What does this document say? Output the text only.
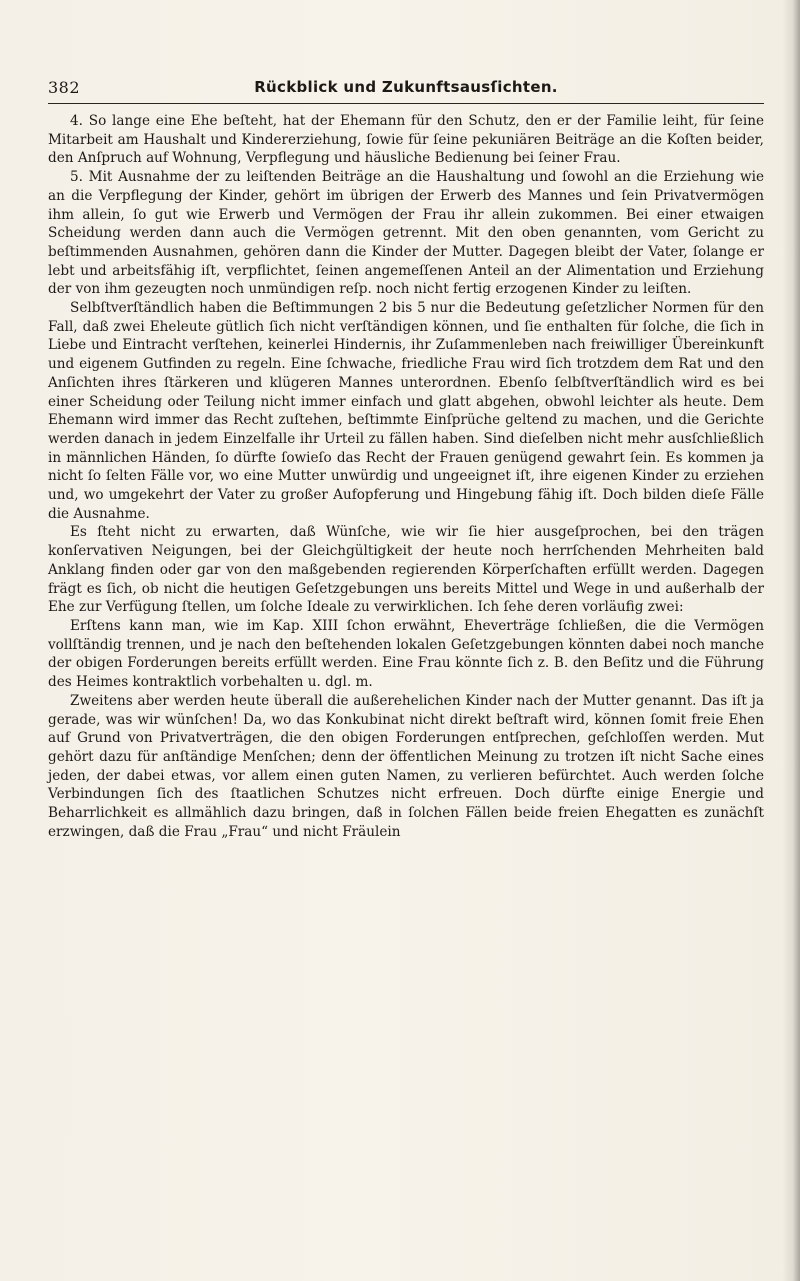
382	Rückblick und Zukunftsausſichten.

4. So lange eine Ehe beſteht, hat der Ehemann für den Schutz, den er der Familie leiht, für ſeine Mitarbeit am Haushalt und Kindererziehung, ſowie für ſeine pekuniären Beiträge an die Koſten beider, den Anſpruch auf Wohnung, Verpflegung und häusliche Bedienung bei ſeiner Frau.

5. Mit Ausnahme der zu leiſtenden Beiträge an die Haushaltung und ſowohl an die Erziehung wie an die Verpflegung der Kinder, gehört im übrigen der Erwerb des Mannes und ſein Privatvermögen ihm allein, ſo gut wie Erwerb und Vermögen der Frau ihr allein zukommen. Bei einer etwaigen Scheidung werden dann auch die Vermögen getrennt. Mit den oben genannten, vom Gericht zu beſtimmenden Ausnahmen, gehören dann die Kinder der Mutter. Dagegen bleibt der Vater, ſolange er lebt und arbeitsfähig iſt, verpflichtet, ſeinen angemeſſenen Anteil an der Alimentation und Erziehung der von ihm gezeugten noch unmündigen reſp. noch nicht fertig erzogenen Kinder zu leiſten.

Selbſtverſtändlich haben die Beſtimmungen 2 bis 5 nur die Bedeutung geſetzlicher Normen für den Fall, daß zwei Eheleute gütlich ſich nicht verſtändigen können, und ſie enthalten für ſolche, die ſich in Liebe und Eintracht verſtehen, keinerlei Hindernis, ihr Zuſammenleben nach freiwilliger Übereinkunft und eigenem Gutfinden zu regeln. Eine ſchwache, friedliche Frau wird ſich trotzdem dem Rat und den Anſichten ihres ſtärkeren und klügeren Mannes unterordnen. Ebenſo ſelbſtverſtändlich wird es bei einer Scheidung oder Teilung nicht immer einfach und glatt abgehen, obwohl leichter als heute. Dem Ehemann wird immer das Recht zuſtehen, beſtimmte Einſprüche geltend zu machen, und die Gerichte werden danach in jedem Einzelfalle ihr Urteil zu fällen haben. Sind dieſelben nicht mehr ausſchließlich in männlichen Händen, ſo dürfte ſowieſo das Recht der Frauen genügend gewahrt ſein. Es kommen ja nicht ſo ſelten Fälle vor, wo eine Mutter unwürdig und ungeeignet iſt, ihre eigenen Kinder zu erziehen und, wo umgekehrt der Vater zu großer Aufopferung und Hingebung fähig iſt. Doch bilden dieſe Fälle die Ausnahme.

Es ſteht nicht zu erwarten, daß Wünſche, wie wir ſie hier ausgeſprochen, bei den trägen konſervativen Neigungen, bei der Gleichgültigkeit der heute noch herrſchenden Mehrheiten bald Anklang finden oder gar von den maßgebenden regierenden Körperſchaften erfüllt werden. Dagegen frägt es ſich, ob nicht die heutigen Geſetzgebungen uns bereits Mittel und Wege in und außerhalb der Ehe zur Verfügung ſtellen, um ſolche Ideale zu verwirklichen. Ich ſehe deren vorläufig zwei:

Erſtens kann man, wie im Kap. XIII ſchon erwähnt, Eheverträge ſchließen, die die Vermögen vollſtändig trennen, und je nach den beſtehenden lokalen Geſetzgebungen könnten dabei noch manche der obigen Forderungen bereits erfüllt werden. Eine Frau könnte ſich z. B. den Beſitz und die Führung des Heimes kontraktlich vorbehalten u. dgl. m.

Zweitens aber werden heute überall die außerehelichen Kinder nach der Mutter genannt. Das iſt ja gerade, was wir wünſchen! Da, wo das Konkubinat nicht direkt beſtraft wird, können ſomit freie Ehen auf Grund von Privatverträgen, die den obigen Forderungen entſprechen, geſchloſſen werden. Mut gehört dazu für anſtändige Menſchen; denn der öffentlichen Meinung zu trotzen iſt nicht Sache eines jeden, der dabei etwas, vor allem einen guten Namen, zu verlieren befürchtet. Auch werden ſolche Verbindungen ſich des ſtaatlichen Schutzes nicht erfreuen. Doch dürfte einige Energie und Beharrlichkeit es allmählich dazu bringen, daß in ſolchen Fällen beide freien Ehegatten es zunächſt erzwingen, daß die Frau „Frau“ und nicht Fräulein
